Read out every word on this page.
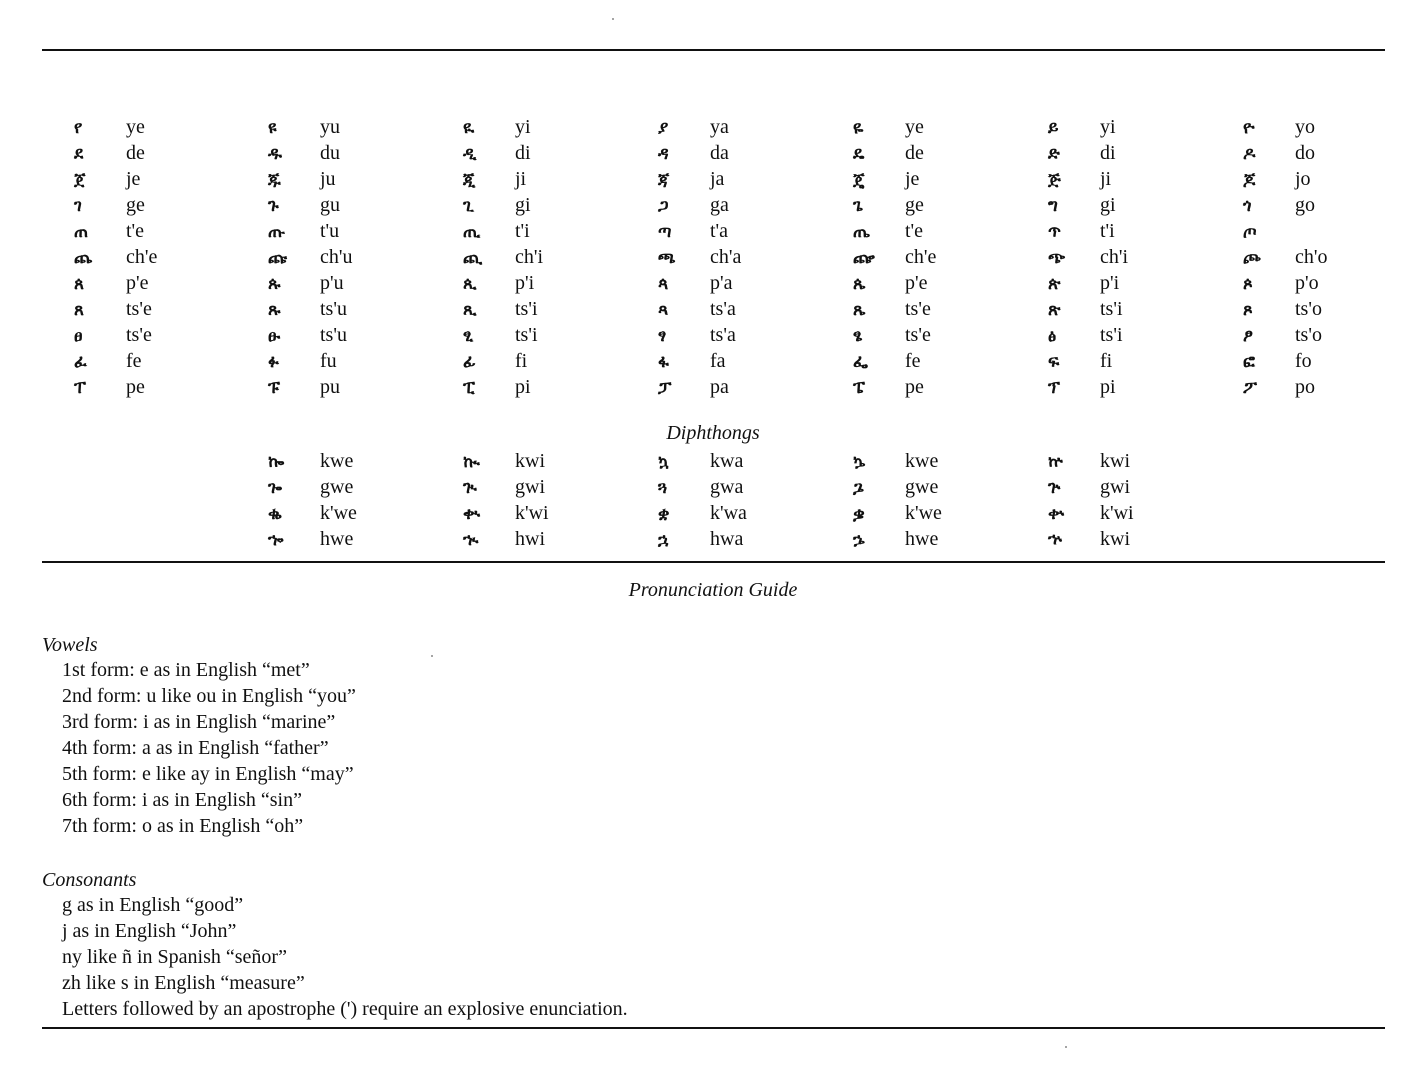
የ	ye	ዩ	yu	ዪ	yi	ያ	ya	ዬ	ye	ይ	yi	ዮ	yo
ደ	de	ዱ	du	ዲ	di	ዳ	da	ዴ	de	ድ	di	ዶ	do
ጀ	je	ጁ	ju	ጂ	ji	ጃ	ja	ጄ	je	ጅ	ji	ጆ	jo
ገ	ge	ጉ	gu	ጊ	gi	ጋ	ga	ጌ	ge	ግ	gi	ጎ	go
ጠ	t'e	ጡ	t'u	ጢ	t'i	ጣ	t'a	ጤ	t'e	ጥ	t'i	ጦ
ጨ	ch'e	ጩ	ch'u	ጪ	ch'i	ጫ	ch'a	ጬ	ch'e	ጭ	ch'i	ጮ	ch'o
ጰ	p'e	ጱ	p'u	ጲ	p'i	ጳ	p'a	ጴ	p'e	ጵ	p'i	ጶ	p'o
ጸ	ts'e	ጹ	ts'u	ጺ	ts'i	ጻ	ts'a	ጼ	ts'e	ጽ	ts'i	ጾ	ts'o
ፀ	ts'e	ፁ	ts'u	ፂ	ts'i	ፃ	ts'a	ፄ	ts'e	ፅ	ts'i	ፆ	ts'o
ፈ	fe	ፉ	fu	ፊ	fi	ፋ	fa	ፌ	fe	ፍ	fi	ፎ	fo
ፐ	pe	ፑ	pu	ፒ	pi	ፓ	pa	ፔ	pe	ፕ	pi	ፖ	po
Diphthongs
ኰ	kwe	ኲ	kwi	ኳ	kwa	ኴ	kwe	ኵ	kwi
ጐ	gwe	ጒ	gwi	ጓ	gwa	ጔ	gwe	ጕ	gwi
ቈ	k'we	ቊ	k'wi	ቋ	k'wa	ቌ	k'we	ቍ	k'wi
ኈ	hwe	ኊ	hwi	ኋ	hwa	ኌ	hwe	ኍ	kwi
Pronunciation Guide
Vowels
1st form: e as in English “met”
2nd form: u like ou in English “you”
3rd form: i as in English “marine”
4th form: a as in English “father”
5th form: e like ay in English “may”
6th form: i as in English “sin”
7th form: o as in English “oh”
Consonants
g as in English “good”
j as in English “John”
ny like ñ in Spanish “señor”
zh like s in English “measure”
Letters followed by an apostrophe (') require an explosive enunciation.
